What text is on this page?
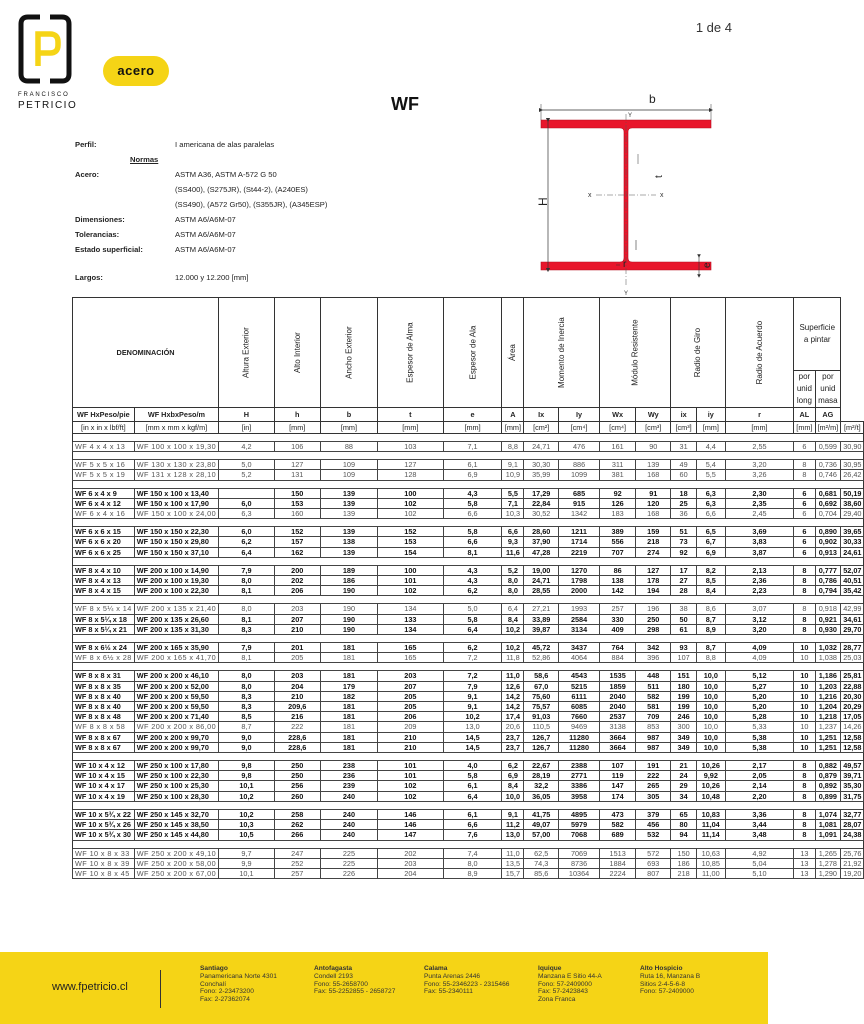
1 de 4
acero
FRANCISCO
PETRICIO	WF
Perfil:	I americana de alas paralelas
Normas
Acero:	ASTM A36, ASTM A-572 G 50
(SS400), (S275JR), (St44-2), (A240ES)
(SS490), (A572 Gr50), (S355JR), (A345ESP)
Dimensiones:	ASTM A6/A6M-07
Tolerancias:	ASTM A6/A6M-07
Estado superficial:	ASTM A6/A6M-07
Largos:	12.000 y 12.200 [mm]
b
H
Y
Y
x	x
t
r	e
DENOMINACIÓN		Altura Exterior	Alto Interior	Ancho Exterior	Espesor de Alma	Espesor de Ala	Área	Momento de Inercia		Módulo Resistente		Radio de Giro		Radio de Acuerdo	Superficie a pintar		
															por unid long	por unid masa	
WF HxPeso/pie	WF HxbxPeso/m	H	h	b	t	e	A	Ix	Iy	Wx	Wy	ix	iy	r	AL	AG	
[in x in x lbf/ft]	[mm x mm x kgf/m]	[in]	[mm]	[mm]	[mm]	[mm]	[mm]	[cm²]	[cm⁴]	[cm⁴]	[cm³]	[cm³]	[mm]	[mm]	[mm]	[m²/m]	[m²/t]

WF 4 x 4 x 13	WF 100 x 100 x 19,30	4,2	106	88	103	7,1	8,8	24,71	476	161	90	31	4,4	2,55	6	0,599	30,90

WF 5 x 5 x 16	WF 130 x 130 x 23,80	5,0	127	109	127	6,1	9,1	30,30	886	311	139	49	5,4	3,20	8	0,736	30,95
WF 5 x 5 x 19	WF 131 x 128 x 28,10	5,2	131	109	128	6,9	10,9	35,99	1099	381	168	60	5,5	3,26	8	0,746	26,42

WF 6 x 4 x 9	WF 150 x 100 x 13,40		150	139	100	4,3	5,5	17,29	685	92	91	18	6,3	2,30	6	0,681	50,19
WF 6 x 4 x 12	WF 150 x 100 x 17,90	6,0	153	139	102	5,8	7,1	22,84	915	126	120	25	6,3	2,35	6	0,692	38,60
WF 6 x 4 x 16	WF 150 x 100 x 24,00	6,3	160	139	102	6,6	10,3	30,52	1342	183	168	36	6,6	2,45	6	0,704	29,40

WF 6 x 6 x 15	WF 150 x 150 x 22,30	6,0	152	139	152	5,8	6,6	28,60	1211	389	159	51	6,5	3,69	6	0,890	39,65
WF 6 x 6 x 20	WF 150 x 150 x 29,80	6,2	157	138	153	6,6	9,3	37,90	1714	556	218	73	6,7	3,83	6	0,902	30,33
WF 6 x 6 x 25	WF 150 x 150 x 37,10	6,4	162	139	154	8,1	11,6	47,28	2219	707	274	92	6,9	3,87	6	0,913	24,61

WF 8 x 4 x 10	WF 200 x 100 x 14,90	7,9	200	189	100	4,3	5,2	19,00	1270	86	127	17	8,2	2,13	8	0,777	52,07
WF 8 x 4 x 13	WF 200 x 100 x 19,30	8,0	202	186	101	4,3	8,0	24,71	1798	138	178	27	8,5	2,36	8	0,786	40,51
WF 8 x 4 x 15	WF 200 x 100 x 22,30	8,1	206	190	102	6,2	8,0	28,55	2000	142	194	28	8,4	2,23	8	0,794	35,42

WF 8 x 5¼ x 14	WF 200 x 135 x 21,40	8,0	203	190	134	5,0	6,4	27,21	1993	257	196	38	8,6	3,07	8	0,918	42,99
WF 8 x 5¼ x 18	WF 200 x 135 x 26,60	8,1	207	190	133	5,8	8,4	33,89	2584	330	250	50	8,7	3,12	8	0,921	34,61
WF 8 x 5¼ x 21	WF 200 x 135 x 31,30	8,3	210	190	134	6,4	10,2	39,87	3134	409	298	61	8,9	3,20	8	0,930	29,70

WF 8 x 6½ x 24	WF 200 x 165 x 35,90	7,9	201	181	165	6,2	10,2	45,72	3437	764	342	93	8,7	4,09	10	1,032	28,77
WF 8 x 6½ x 28	WF 200 x 165 x 41,70	8,1	205	181	165	7,2	11,8	52,86	4064	884	396	107	8,8	4,09	10	1,038	25,03

WF 8 x 8 x 31	WF 200 x 200 x 46,10	8,0	203	181	203	7,2	11,0	58,6	4543	1535	448	151	10,0	5,12	10	1,186	25,81
WF 8 x 8 x 35	WF 200 x 200 x 52,00	8,0	204	179	207	7,9	12,6	67,0	5215	1859	511	180	10,0	5,27	10	1,203	22,88
WF 8 x 8 x 40	WF 200 x 200 x 59,50	8,3	210	182	205	9,1	14,2	75,60	6111	2040	582	199	10,0	5,20	10	1,216	20,30
WF 8 x 8 x 40	WF 200 x 200 x 59,50	8,3	209,6	181	205	9,1	14,2	75,57	6085	2040	581	199	10,0	5,20	10	1,204	20,29
WF 8 x 8 x 48	WF 200 x 200 x 71,40	8,5	216	181	206	10,2	17,4	91,03	7660	2537	709	246	10,0	5,28	10	1,218	17,05
WF 8 x 8 x 58	WF 200 x 200 x 86,00	8,7	222	181	209	13,0	20,6	110,5	9469	3138	853	300	10,0	5,33	10	1,237	14,26
WF 8 x 8 x 67	WF 200 x 200 x 99,70	9,0	228,6	181	210	14,5	23,7	126,7	11280	3664	987	349	10,0	5,38	10	1,251	12,58
WF 8 x 8 x 67	WF 200 x 200 x 99,70	9,0	228,6	181	210	14,5	23,7	126,7	11280	3664	987	349	10,0	5,38	10	1,251	12,58

WF 10 x 4 x 12	WF 250 x 100 x 17,80	9,8	250	238	101	4,0	6,2	22,67	2388	107	191	21	10,26	2,17	8	0,882	49,57
WF 10 x 4 x 15	WF 250 x 100 x 22,30	9,8	250	236	101	5,8	6,9	28,19	2771	119	222	24	9,92	2,05	8	0,879	39,71
WF 10 x 4 x 17	WF 250 x 100 x 25,30	10,1	256	239	102	6,1	8,4	32,2	3386	147	265	29	10,26	2,14	8	0,892	35,30
WF 10 x 4 x 19	WF 250 x 100 x 28,30	10,2	260	240	102	6,4	10,0	36,05	3958	174	305	34	10,48	2,20	8	0,899	31,75

WF 10 x 5¾ x 22	WF 250 x 145 x 32,70	10,2	258	240	146	6,1	9,1	41,75	4895	473	379	65	10,83	3,36	8	1,074	32,77
WF 10 x 5¾ x 26	WF 250 x 145 x 38,50	10,3	262	240	146	6,6	11,2	49,07	5979	582	456	80	11,04	3,44	8	1,081	28,07
WF 10 x 5¾ x 30	WF 250 x 145 x 44,80	10,5	266	240	147	7,6	13,0	57,00	7068	689	532	94	11,14	3,48	8	1,091	24,38

WF 10 x 8 x 33	WF 250 x 200 x 49,10	9,7	247	225	202	7,4	11,0	62,5	7069	1513	572	150	10,63	4,92	13	1,265	25,76
WF 10 x 8 x 39	WF 250 x 200 x 58,00	9,9	252	225	203	8,0	13,5	74,3	8736	1884	693	186	10,85	5,04	13	1,278	21,92
WF 10 x 8 x 45	WF 250 x 200 x 67,00	10,1	257	226	204	8,9	15,7	85,6	10364	2224	807	218	11,00	5,10	13	1,290	19,20
www.fpetricio.cl
Santiago
Panamericana Norte 4301
Conchalí
Fono: 2-23473200
Fax: 2-27362074
Antofagasta
Condell 2193
Fono: 55-2658700
Fax: 55-2252855 - 2658727
Calama
Punta Arenas 2446
Fono: 55-2346223 - 2315466
Fax: 55-2340111
Iquique
Manzana E Sitio 44-A
Fono: 57-2409000
Fax: 57-2423843
Zona Franca
Alto Hospicio
Ruta 16, Manzana B
Sitios 2-4-5-6-8
Fono: 57-2409000
